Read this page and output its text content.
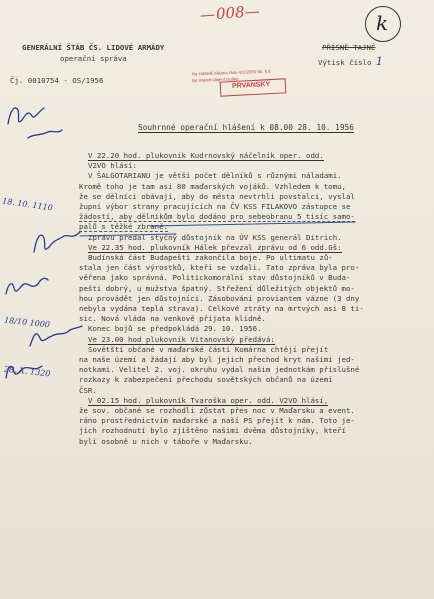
—008—	k
GENERÁLNÍ ŠTÁB ČS. LIDOVÉ ARMÁDY
operační správa
PŘÍSNĚ TAJNÉ
Výtisk číslo 1
Čj. 0010754 - OS/1956
Na základě zákona číslo 412/2005 Sb. § 8
byl stupeň utajení zrušen
PRVANSKÝ
Souhrnné operační hlášení k 08.00 28. 10. 1956
18. 10. 1110
18/10 1000
28. X. 1320
V 22.20 hod. plukovník Kudrnovský náčelník oper. odd.
V2VO hlásí:
V ŠALGOTARIANU je větší počet dělníků s různými náladami.
Kromě toho je tam asi 80 maďarských vojáků. Vzhledem k tomu,
že se dělníci obávají, aby do města nevtrhli povstalci, vyslal
župní výbor strany pracujících na ČV KSS FILAKOVO zástupce se
žádostí, aby dělníkům bylo dodáno pro sebeobranu 5 tisíc samo-
palů s těžké zbraně.
Zprávu předal styčný důstojník na ÚV KSS generál Ditrich.
Ve 22.35 hod. plukovník Hálek převzal zprávu od 6 odd.Gš:
Budínská část Budapešti zakončila boje. Po ultimatu zů-
stala jen část výrostků, kteří se vzdali. Tato zpráva byla pro-
věřena jako správná. Politickomorální stav důstojníků v Buda-
pešti dobrý, u mužstva špatný. Střežení důležitých objektů mo-
hou provádět jen důstojníci. Zásobování proviantem vázne (3 dny
nebyla vydána teplá strava). Celkové ztráty na mrtvých asi 8 ti-
sic. Nová vláda na venkově přijata klidně.
Konec bojů se předpokládá 29. 10. 1956.
Ve 23.00 hod plukovník Vitanovský předává:
Sovětští občané v maďarské části Komárna chtějí přejít
na naše území a žádají aby byl jejich přechod kryt našimi jed-
notkami. Velitel 2. voj. okruhu vydal našim jednotkám příslušné
rozkazy k zabezpečení přechodu sovětských občanů na území
ČSR.
V 02.15 hod. plukovník Tvaroška oper. odd. V2VO hlásí,
že sov. občané se rozhodli zůstat přes noc v Maďarsku a event.
ráno prostřednictvím maďarské a naší PS přejít k nám. Toto je-
jich rozhodnutí bylo zjištěno našimi dvěma důstojníky, kteří
byli osobně u nich v táboře v Maďarsku.
